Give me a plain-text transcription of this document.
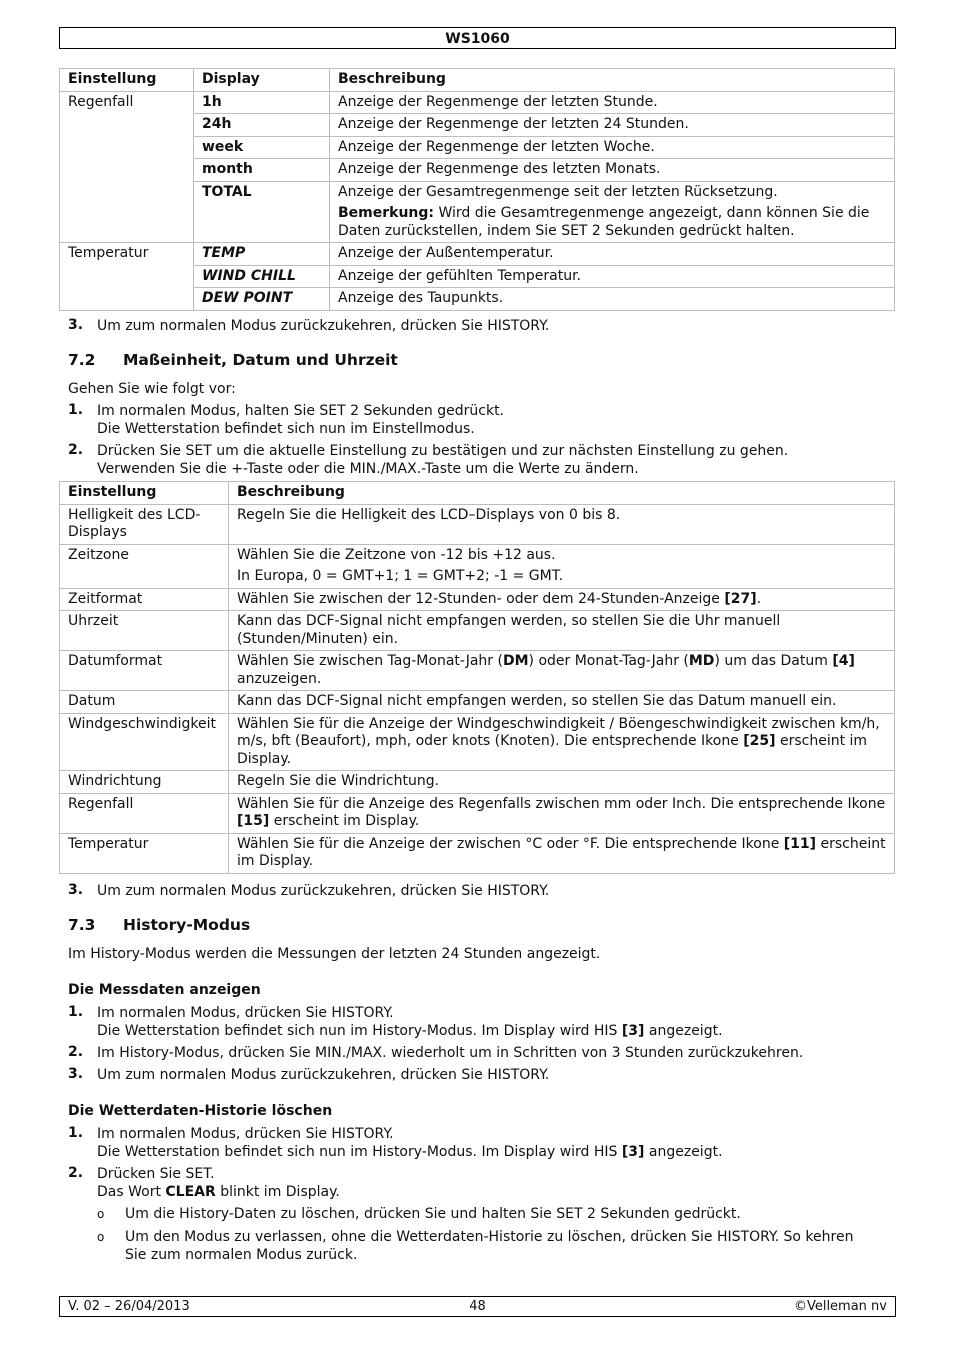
WS1060
Einstellung	Display	Beschreibung
Regenfall	1h	Anzeige der Regenmenge der letzten Stunde.
	24h	Anzeige der Regenmenge der letzten 24 Stunden.
	week	Anzeige der Regenmenge der letzten Woche.
	month	Anzeige der Regenmenge des letzten Monats.
	TOTAL	Anzeige der Gesamtregenmenge seit der letzten Rücksetzung.
Bemerkung: Wird die Gesamtregenmenge angezeigt, dann können Sie die Daten zurückstellen, indem Sie SET 2 Sekunden gedrückt halten.

Temperatur	TEMP	Anzeige der Außentemperatur.
	WIND CHILL	Anzeige der gefühlten Temperatur.
	DEW POINT	Anzeige des Taupunkts.
3. Um zum normalen Modus zurückzukehren, drücken Sie HISTORY.
7.2 Maßeinheit, Datum und Uhrzeit
Gehen Sie wie folgt vor:
1. Im normalen Modus, halten Sie SET 2 Sekunden gedrückt.
Die Wetterstation befindet sich nun im Einstellmodus.
2. Drücken Sie SET um die aktuelle Einstellung zu bestätigen und zur nächsten Einstellung zu gehen.
Verwenden Sie die +-Taste oder die MIN./MAX.-Taste um die Werte zu ändern.
Einstellung	Beschreibung
Helligkeit des LCD-Displays	Regeln Sie die Helligkeit des LCD–Displays von 0 bis 8.
Zeitzone	Wählen Sie die Zeitzone von -12 bis +12 aus.
In Europa, 0 = GMT+1; 1 = GMT+2; -1 = GMT.

Zeitformat	Wählen Sie zwischen der 12-Stunden- oder dem 24-Stunden-Anzeige [27].
Uhrzeit	Kann das DCF-Signal nicht empfangen werden, so stellen Sie die Uhr manuell (Stunden/Minuten) ein.
Datumformat	Wählen Sie zwischen Tag-Monat-Jahr (DM) oder Monat-Tag-Jahr (MD) um das Datum [4] anzuzeigen.
Datum	Kann das DCF-Signal nicht empfangen werden, so stellen Sie das Datum manuell ein.
Windgeschwindigkeit	Wählen Sie für die Anzeige der Windgeschwindigkeit / Böengeschwindigkeit zwischen km/h, m/s, bft (Beaufort), mph, oder knots (Knoten). Die entsprechende Ikone [25] erscheint im Display.
Windrichtung	Regeln Sie die Windrichtung.
Regenfall	Wählen Sie für die Anzeige des Regenfalls zwischen mm oder Inch. Die entsprechende Ikone [15] erscheint im Display.
Temperatur	Wählen Sie für die Anzeige der zwischen °C oder °F. Die entsprechende Ikone [11] erscheint im Display.
3. Um zum normalen Modus zurückzukehren, drücken Sie HISTORY.
7.3 History-Modus
Im History-Modus werden die Messungen der letzten 24 Stunden angezeigt.
Die Messdaten anzeigen
1. Im normalen Modus, drücken Sie HISTORY.
Die Wetterstation befindet sich nun im History-Modus. Im Display wird HIS [3] angezeigt.
2. Im History-Modus, drücken Sie MIN./MAX. wiederholt um in Schritten von 3 Stunden zurückzukehren.
3. Um zum normalen Modus zurückzukehren, drücken Sie HISTORY.
Die Wetterdaten-Historie löschen
1. Im normalen Modus, drücken Sie HISTORY.
Die Wetterstation befindet sich nun im History-Modus. Im Display wird HIS [3] angezeigt.
2. Drücken Sie SET.
Das Wort CLEAR blinkt im Display.
o Um die History-Daten zu löschen, drücken Sie und halten Sie SET 2 Sekunden gedrückt.
o Um den Modus zu verlassen, ohne die Wetterdaten-Historie zu löschen, drücken Sie HISTORY. So kehren Sie zum normalen Modus zurück.
V. 02 – 26/04/2013	48	©Velleman nv
